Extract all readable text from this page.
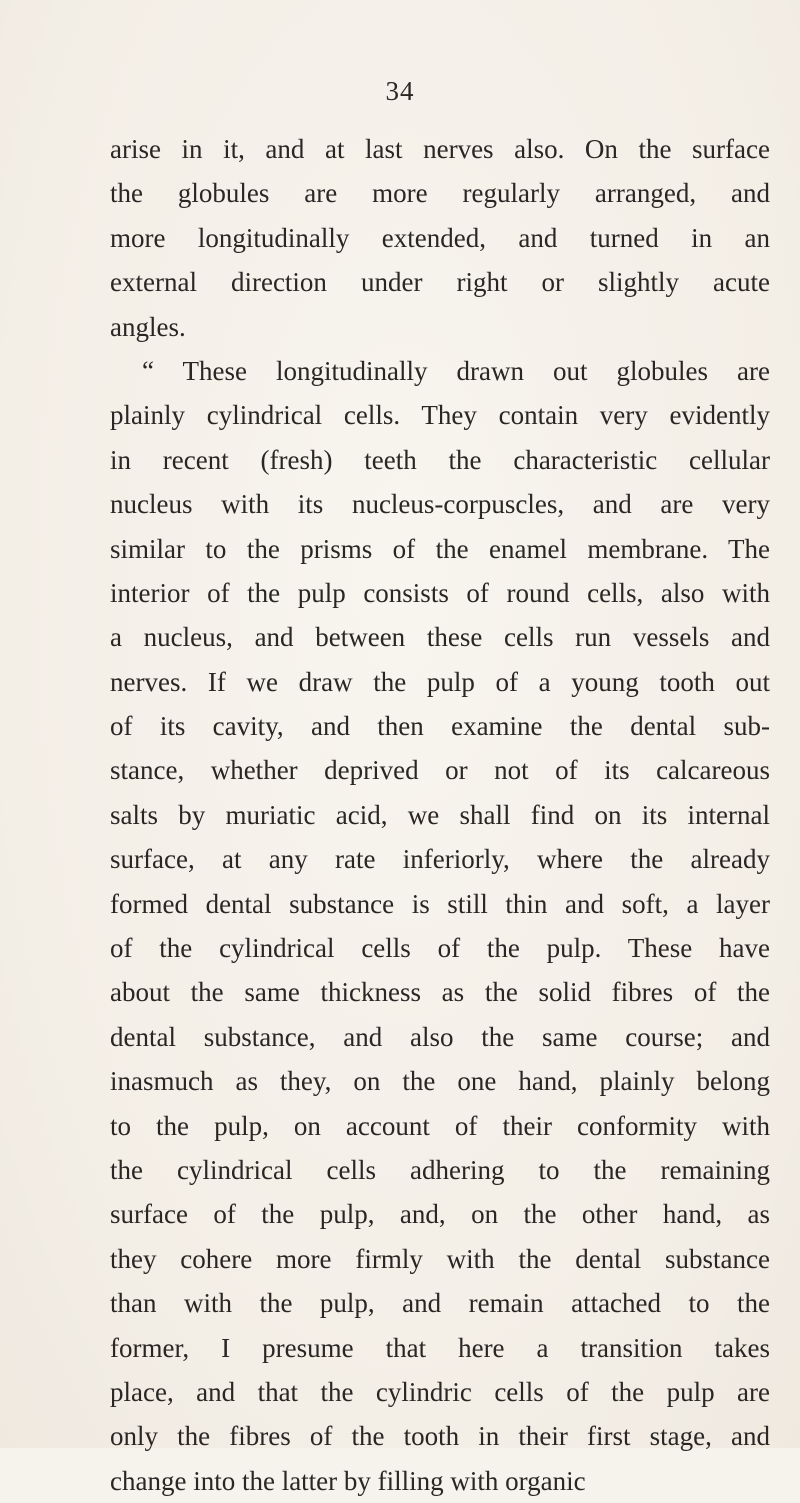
34
arise in it, and at last nerves also. On the surface
the globules are more regularly arranged, and
more longitudinally extended, and turned in an
external direction under right or slightly acute
angles.
“ These longitudinally drawn out globules are
plainly cylindrical cells. They contain very evidently
in recent (fresh) teeth the characteristic cellular
nucleus with its nucleus-corpuscles, and are very
similar to the prisms of the enamel membrane. The
interior of the pulp consists of round cells, also with
a nucleus, and between these cells run vessels and
nerves. If we draw the pulp of a young tooth out
of its cavity, and then examine the dental sub-
stance, whether deprived or not of its calcareous
salts by muriatic acid, we shall find on its internal
surface, at any rate inferiorly, where the already
formed dental substance is still thin and soft, a layer
of the cylindrical cells of the pulp. These have
about the same thickness as the solid fibres of the
dental substance, and also the same course; and
inasmuch as they, on the one hand, plainly belong
to the pulp, on account of their conformity with
the cylindrical cells adhering to the remaining
surface of the pulp, and, on the other hand, as
they cohere more firmly with the dental substance
than with the pulp, and remain attached to the
former, I presume that here a transition takes
place, and that the cylindric cells of the pulp are
only the fibres of the tooth in their first stage, and
change into the latter by filling with organic
